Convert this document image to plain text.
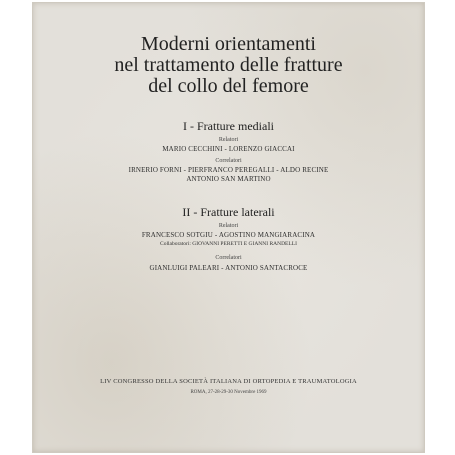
Moderni orientamenti
nel trattamento delle fratture
del collo del femore
I - Fratture mediali
Relatori
MARIO CECCHINI - LORENZO GIACCAI
Correlatori
IRNERIO FORNI - PIERFRANCO PEREGALLI - ALDO RECINE
ANTONIO SAN MARTINO
II - Fratture laterali
Relatori
FRANCESCO SOTGIU - AGOSTINO MANGIARACINA
Collaboratori: GIOVANNI PERETTI E GIANNI RANDELLI
Correlatori
GIANLUIGI PALEARI - ANTONIO SANTACROCE
LIV CONGRESSO DELLA SOCIETÀ ITALIANA DI ORTOPEDIA E TRAUMATOLOGIA
ROMA, 27-28-29-30 Novembre 1969
